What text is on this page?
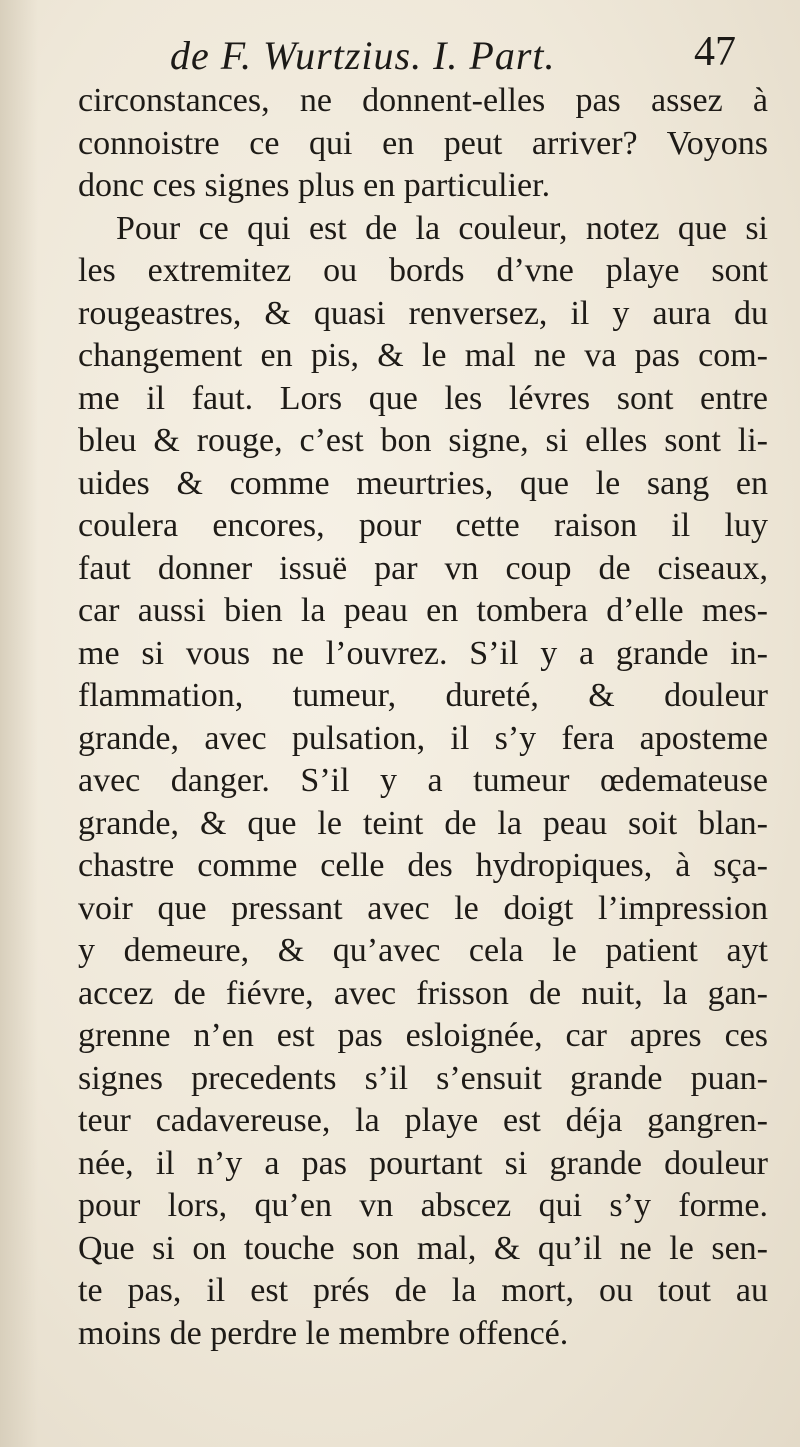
de F. Wurtzius. I. Part.	47
circonstances, ne donnent-elles pas assez à
connoistre ce qui en peut arriver? Voyons
donc ces signes plus en particulier.
Pour ce qui est de la couleur, notez que si
les extremitez ou bords d’vne playe sont
rougeastres, & quasi renversez, il y aura du
changement en pis, & le mal ne va pas com-
me il faut. Lors que les lévres sont entre
bleu & rouge, c’est bon signe, si elles sont li-
uides & comme meurtries, que le sang en
coulera encores, pour cette raison il luy
faut donner issuë par vn coup de ciseaux,
car aussi bien la peau en tombera d’elle mes-
me si vous ne l’ouvrez. S’il y a grande in-
flammation, tumeur, dureté, & douleur
grande, avec pulsation, il s’y fera aposteme
avec danger. S’il y a tumeur œdemateuse
grande, & que le teint de la peau soit blan-
chastre comme celle des hydropiques, à sça-
voir que pressant avec le doigt l’impression
y demeure, & qu’avec cela le patient ayt
accez de fiévre, avec frisson de nuit, la gan-
grenne n’en est pas esloignée, car apres ces
signes precedents s’il s’ensuit grande puan-
teur cadavereuse, la playe est déja gangren-
née, il n’y a pas pourtant si grande douleur
pour lors, qu’en vn abscez qui s’y forme.
Que si on touche son mal, & qu’il ne le sen-
te pas, il est prés de la mort, ou tout au
moins de perdre le membre offencé.
